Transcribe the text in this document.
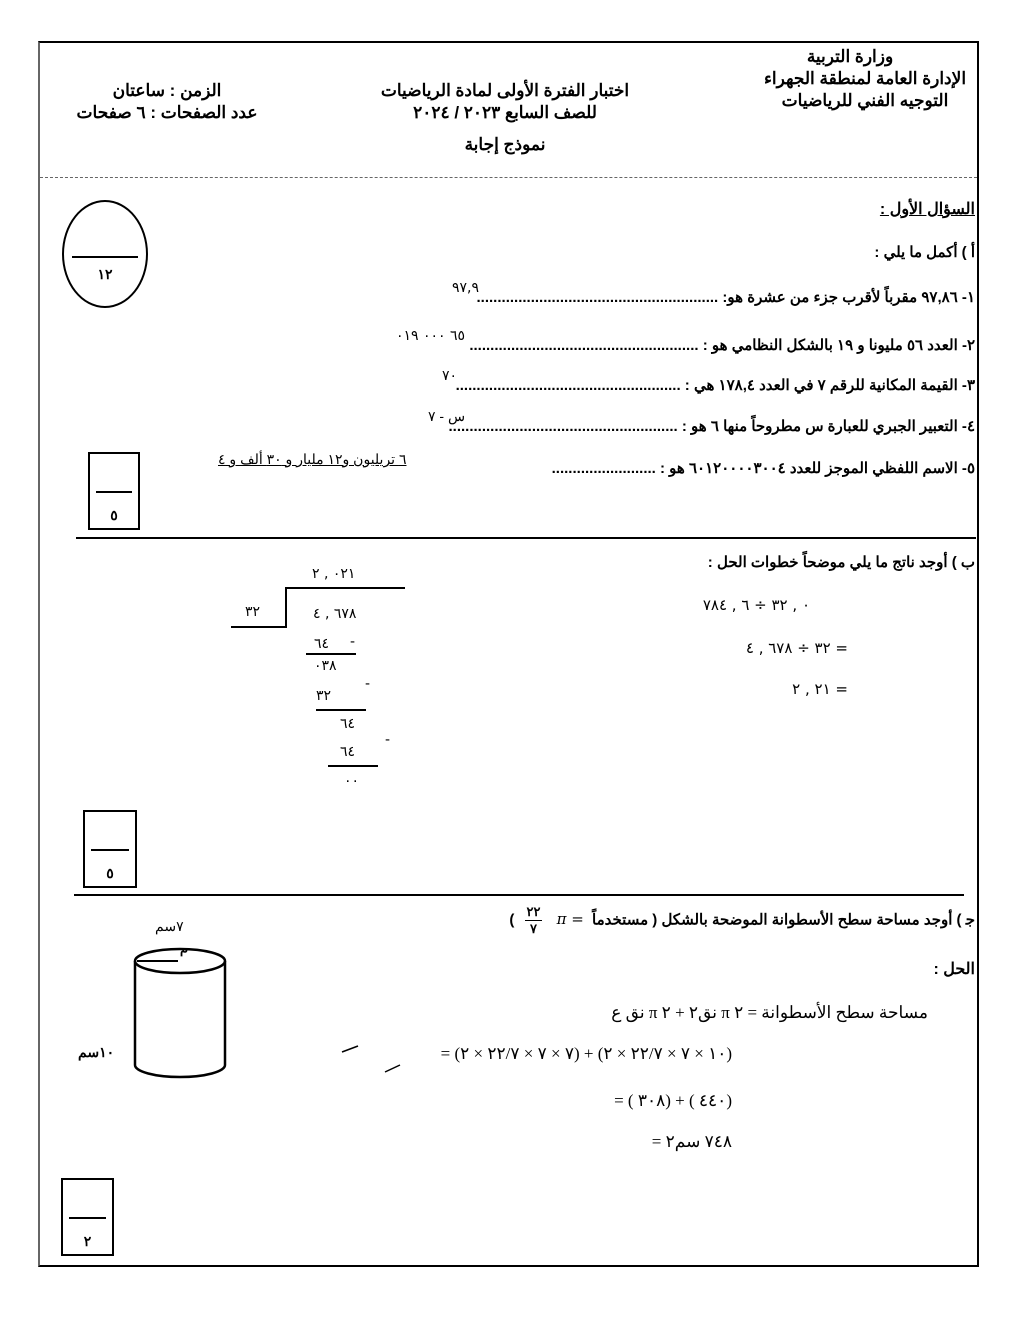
وزارة التربية
الإدارة العامة لمنطقة الجهراء
التوجيه الفني للرياضيات
اختبار الفترة الأولى لمادة الرياضيات
للصف السابع ٢٠٢٣ / ٢٠٢٤
نموذج إجابة
الزمن : ساعتان
عدد الصفحات : ٦ صفحات
السؤال الأول :
١٢
أ ) أكمل ما يلي :
١- ٩٧,٨٦ مقرباً لأقرب جزء من عشرة هو: ..........................................................
٩٧,٩
٢- العدد ٥٦ مليونا و ١٩ بالشكل النظامي هو : .......................................................
٦٥ ٠٠٠ ٠١٩
٣- القيمة المكانية للرقم ٧ في العدد ١٧٨,٤ هي : ......................................................
٧٠
٤- التعبير الجبري للعبارة س مطروحاً منها ٦ هو : .......................................................
س - ٧
٥- الاسم اللفظي الموجز للعدد ٦٠١٢٠٠٠٠٣٠٠٤ هو : .........................
٦ تريليون و١٢ مليار و ٣٠ ألف و ٤
٥
ب ) أوجد ناتج ما يلي موضحاً خطوات الحل :
٠ , ٣٢ ÷ ٦ , ٧٨٤
٣٢ ÷ ٦٧٨ , ٤ =
٢١ , ٢ =
٠٢١ , ٢
٣٢	٦٧٨ , ٤
٦٤ -
٠٣٨
٣٢
-
٦٤
٦٤
-
٠٠
٥
ﺟ ) أوجد مساحة سطح الأسطوانة الموضحة بالشكل ( مستخدماً π =
٢٢
٧
)
الحل :
٧سم
م
١٠سم
مساحة سطح الأسطوانة = ٢ π نق٢ + ٢ π نق ع
(١٠ × ٧ × ٢٢/٧ × ٢) + (٧ × ٧ × ٢٢/٧ × ٢) =
(٤٤٠ ) + (٣٠٨ ) =
٧٤٨ سم٢ =
٢
